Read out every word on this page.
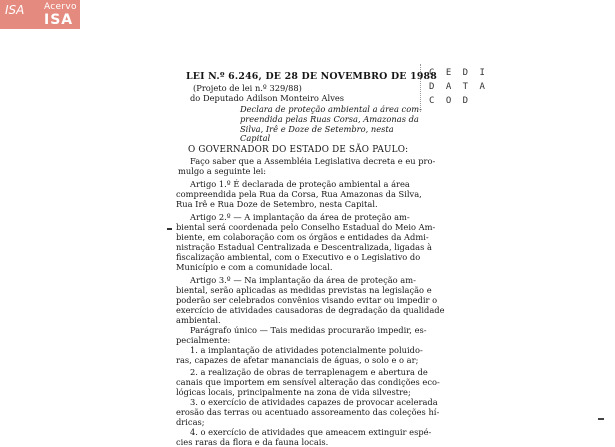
ISA Acervo
ISA
C E D I
D A T A
C O D
LEI N.º 6.246, DE 28 DE NOVEMBRO DE 1988
(Projeto de lei n.º 329/88)
do Deputado Adilson Monteiro Alves
Declara de proteção ambiental a área com-
preendida pelas Ruas Corsa, Amazonas da
Silva, Irê e Doze de Setembro, nesta
Capital
O GOVERNADOR DO ESTADO DE SÃO PAULO:
Faço saber que a Assembléia Legislativa decreta e eu pro-
mulgo a seguinte lei:
Artigo 1.º É declarada de proteção ambiental a área
compreendida pela Rua da Corsa, Rua Amazonas da Silva,
Rua Irê e Rua Doze de Setembro, nesta Capital.
Artigo 2.º — A implantação da área de proteção am-
biental será coordenada pelo Conselho Estadual do Meio Am-
biente, em colaboração com os órgãos e entidades da Admi-
nistração Estadual Centralizada e Descentralizada, ligadas à
fiscalização ambiental, com o Executivo e o Legislativo do
Município e com a comunidade local.
Artigo 3.º — Na implantação da área de proteção am-
biental, serão aplicadas as medidas previstas na legislação e
poderão ser celebrados convênios visando evitar ou impedir o
exercício de atividades causadoras de degradação da qualidade
ambiental.
Parágrafo único — Tais medidas procurarão impedir, es-
pecialmente:
1. a implantação de atividades potencialmente poluido-
ras, capazes de afetar mananciais de águas, o solo e o ar;
2. a realização de obras de terraplenagem e abertura de
canais que importem em sensível alteração das condições eco-
lógicas locais, principalmente na zona de vida silvestre;
3. o exercício de atividades capazes de provocar acelerada
erosão das terras ou acentuado assoreamento das coleções hí-
dricas;
4. o exercício de atividades que ameacem extinguir espé-
cies raras da flora e da fauna locais.
